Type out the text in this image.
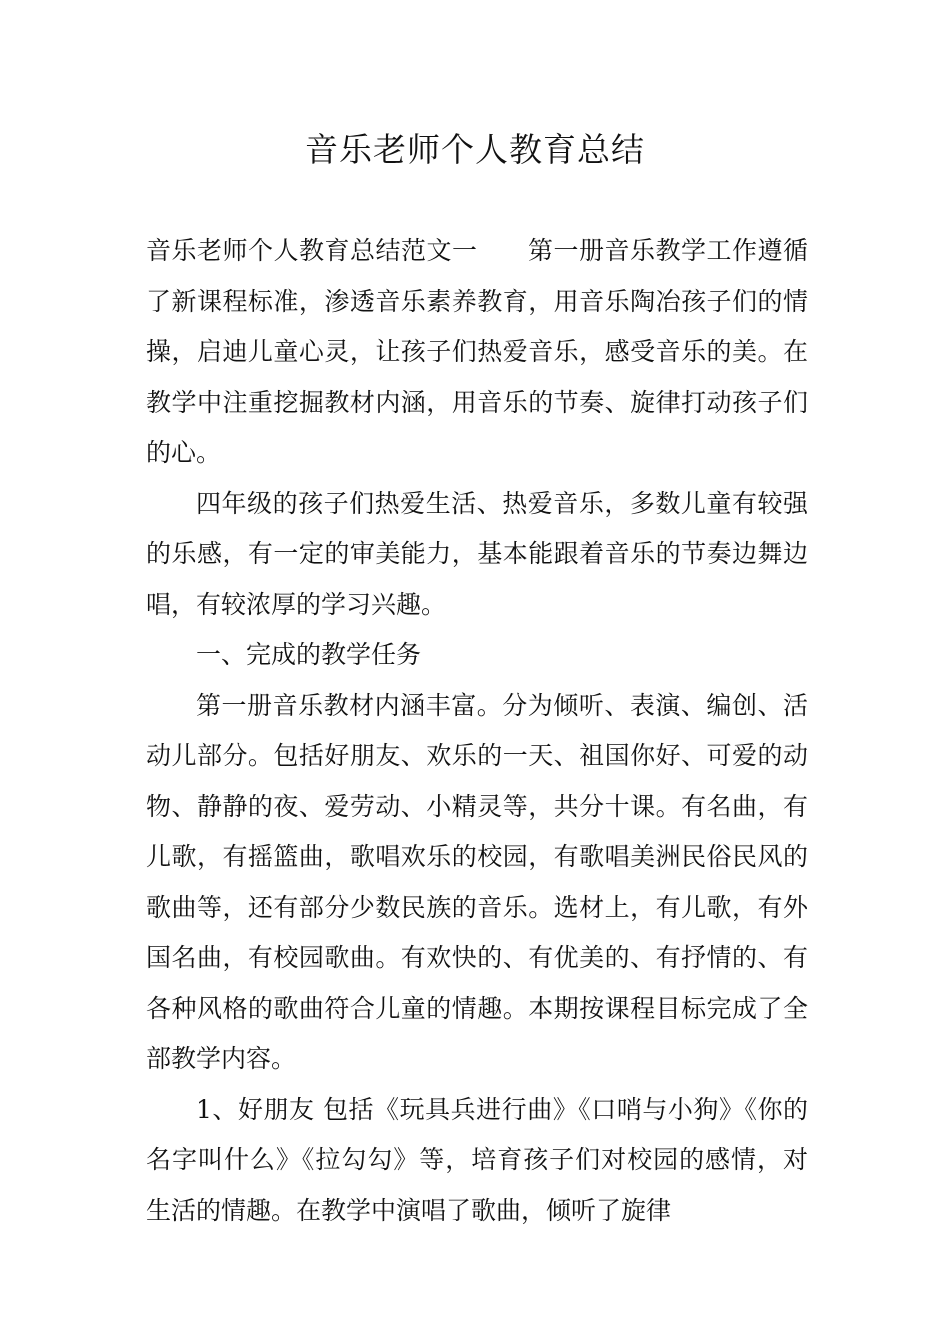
音乐老师个人教育总结

音乐老师个人教育总结范文一 第一册音乐教学工作遵循了新课程标准，渗透音乐素养教育，用音乐陶冶孩子们的情操，启迪儿童心灵，让孩子们热爱音乐，感受音乐的美。在教学中注重挖掘教材内涵，用音乐的节奏、旋律打动孩子们的心。

四年级的孩子们热爱生活、热爱音乐，多数儿童有较强的乐感，有一定的审美能力，基本能跟着音乐的节奏边舞边唱，有较浓厚的学习兴趣。

一、完成的教学任务

第一册音乐教材内涵丰富。分为倾听、表演、编创、活动儿部分。包括好朋友、欢乐的一天、祖国你好、可爱的动物、静静的夜、爱劳动、小精灵等，共分十课。有名曲，有儿歌，有摇篮曲，歌唱欢乐的校园，有歌唱美洲民俗民风的歌曲等，还有部分少数民族的音乐。选材上，有儿歌，有外国名曲，有校园歌曲。有欢快的、有优美的、有抒情的、有各种风格的歌曲符合儿童的情趣。本期按课程目标完成了全部教学内容。

1、好朋友 包括《玩具兵进行曲》《口哨与小狗》《你的名字叫什么》《拉勾勾》等，培育孩子们对校园的感情，对生活的情趣。在教学中演唱了歌曲，倾听了旋律
